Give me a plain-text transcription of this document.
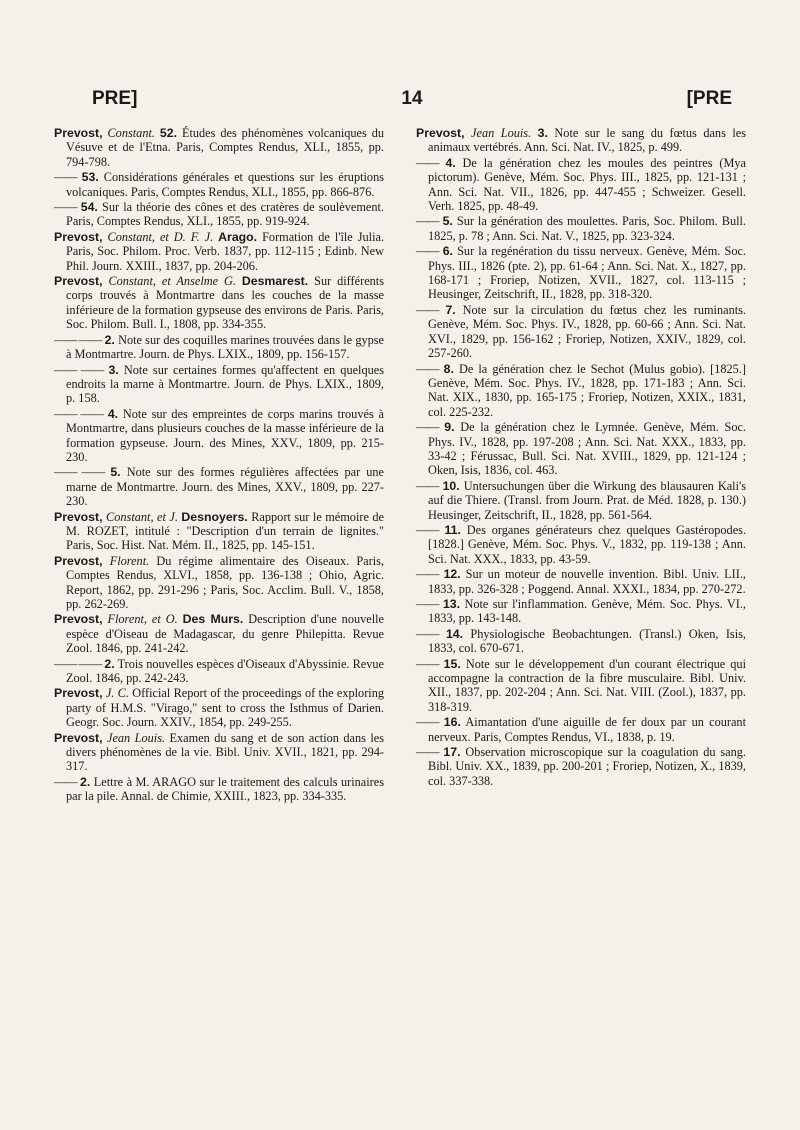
PRE]	14	[PRE

Prevost, Constant. 52. Études des phénomènes volcaniques du Vésuve et de l'Etna. Paris, Comptes Rendus, XLI., 1855, pp. 794-798.

—— 53. Considérations générales et questions sur les éruptions volcaniques. Paris, Comptes Rendus, XLI., 1855, pp. 866-876.

—— 54. Sur la théorie des cônes et des cratères de soulèvement. Paris, Comptes Rendus, XLI., 1855, pp. 919-924.

Prevost, Constant, et D. F. J. Arago. Formation de l'île Julia. Paris, Soc. Philom. Proc. Verb. 1837, pp. 112-115 ; Edinb. New Phil. Journ. XXIII., 1837, pp. 204-206.

Prevost, Constant, et Anselme G. Desmarest. Sur différents corps trouvés à Montmartre dans les couches de la masse inférieure de la formation gypseuse des environs de Paris. Paris, Soc. Philom. Bull. I., 1808, pp. 334-355.

—— —— 2. Note sur des coquilles marines trouvées dans le gypse à Montmartre. Journ. de Phys. LXIX., 1809, pp. 156-157.

—— —— 3. Note sur certaines formes qu'affectent en quelques endroits la marne à Montmartre. Journ. de Phys. LXIX., 1809, p. 158.

—— —— 4. Note sur des empreintes de corps marins trouvés à Montmartre, dans plusieurs couches de la masse inférieure de la formation gypseuse. Journ. des Mines, XXV., 1809, pp. 215-230.

—— —— 5. Note sur des formes régulières affectées par une marne de Montmartre. Journ. des Mines, XXV., 1809, pp. 227-230.

Prevost, Constant, et J. Desnoyers. Rapport sur le mémoire de M. ROZET, intitulé : "Description d'un terrain de lignites." Paris, Soc. Hist. Nat. Mém. II., 1825, pp. 145-151.

Prevost, Florent. Du régime alimentaire des Oiseaux. Paris, Comptes Rendus, XLVI., 1858, pp. 136-138 ; Ohio, Agric. Report, 1862, pp. 291-296 ; Paris, Soc. Acclim. Bull. V., 1858, pp. 262-269.

Prevost, Florent, et O. Des Murs. Description d'une nouvelle espèce d'Oiseau de Madagascar, du genre Philepitta. Revue Zool. 1846, pp. 241-242.

—— —— 2. Trois nouvelles espèces d'Oiseaux d'Abyssinie. Revue Zool. 1846, pp. 242-243.

Prevost, J. C. Official Report of the proceedings of the exploring party of H.M.S. "Virago," sent to cross the Isthmus of Darien. Geogr. Soc. Journ. XXIV., 1854, pp. 249-255.

Prevost, Jean Louis. Examen du sang et de son action dans les divers phénomènes de la vie. Bibl. Univ. XVII., 1821, pp. 294-317.

—— 2. Lettre à M. ARAGO sur le traitement des calculs urinaires par la pile. Annal. de Chimie, XXIII., 1823, pp. 334-335.

Prevost, Jean Louis. 3. Note sur le sang du fœtus dans les animaux vertébrés. Ann. Sci. Nat. IV., 1825, p. 499.

—— 4. De la génération chez les moules des peintres (Mya pictorum). Genève, Mém. Soc. Phys. III., 1825, pp. 121-131 ; Ann. Sci. Nat. VII., 1826, pp. 447-455 ; Schweizer. Gesell. Verh. 1825, pp. 48-49.

—— 5. Sur la génération des moulettes. Paris, Soc. Philom. Bull. 1825, p. 78 ; Ann. Sci. Nat. V., 1825, pp. 323-324.

—— 6. Sur la regénération du tissu nerveux. Genève, Mém. Soc. Phys. III., 1826 (pte. 2), pp. 61-64 ; Ann. Sci. Nat. X., 1827, pp. 168-171 ; Froriep, Notizen, XVII., 1827, col. 113-115 ; Heusinger, Zeitschrift, II., 1828, pp. 318-320.

—— 7. Note sur la circulation du fœtus chez les ruminants. Genève, Mém. Soc. Phys. IV., 1828, pp. 60-66 ; Ann. Sci. Nat. XVI., 1829, pp. 156-162 ; Froriep, Notizen, XXIV., 1829, col. 257-260.

—— 8. De la génération chez le Sechot (Mulus gobio). [1825.] Genève, Mém. Soc. Phys. IV., 1828, pp. 171-183 ; Ann. Sci. Nat. XIX., 1830, pp. 165-175 ; Froriep, Notizen, XXIX., 1831, col. 225-232.

—— 9. De la génération chez le Lymnée. Genève, Mém. Soc. Phys. IV., 1828, pp. 197-208 ; Ann. Sci. Nat. XXX., 1833, pp. 33-42 ; Férussac, Bull. Sci. Nat. XVIII., 1829, pp. 121-124 ; Oken, Isis, 1836, col. 463.

—— 10. Untersuchungen über die Wirkung des blausauren Kali's auf die Thiere. (Transl. from Journ. Prat. de Méd. 1828, p. 130.) Heusinger, Zeitschrift, II., 1828, pp. 561-564.

—— 11. Des organes générateurs chez quelques Gastéropodes. [1828.] Genève, Mém. Soc. Phys. V., 1832, pp. 119-138 ; Ann. Sci. Nat. XXX., 1833, pp. 43-59.

—— 12. Sur un moteur de nouvelle invention. Bibl. Univ. LII., 1833, pp. 326-328 ; Poggend. Annal. XXXI., 1834, pp. 270-272.

—— 13. Note sur l'inflammation. Genève, Mém. Soc. Phys. VI., 1833, pp. 143-148.

—— 14. Physiologische Beobachtungen. (Transl.) Oken, Isis, 1833, col. 670-671.

—— 15. Note sur le développement d'un courant électrique qui accompagne la contraction de la fibre musculaire. Bibl. Univ. XII., 1837, pp. 202-204 ; Ann. Sci. Nat. VIII. (Zool.), 1837, pp. 318-319.

—— 16. Aimantation d'une aiguille de fer doux par un courant nerveux. Paris, Comptes Rendus, VI., 1838, p. 19.

—— 17. Observation microscopique sur la coagulation du sang. Bibl. Univ. XX., 1839, pp. 200-201 ; Froriep, Notizen, X., 1839, col. 337-338.
